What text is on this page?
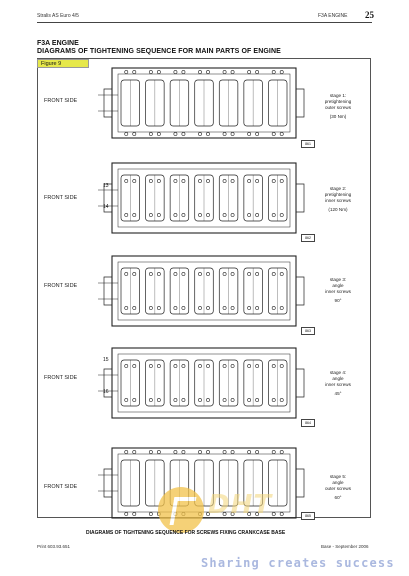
Stralis AS Euro 4/5	F3A ENGINE 25
F3A ENGINE
DIAGRAMS OF TIGHTENING SEQUENCE FOR MAIN PARTS OF ENGINE
Figure 9
FRONT SIDE
FRONT SIDE
FRONT SIDE
FRONT SIDE
FRONT SIDE
stage 1:
pretightening
outer screws
(30 Nm)
stage 2:
pretightening
inner screws
(120 Nm)
stage 3:
angle
inner screws
90°
stage 4:
angle
inner screws
45°
stage 5:
angle
outer screws
60°
13
14
15
16
861
862
863
864
865
DHT
DIAGRAMS OF TIGHTENING SEQUENCE FOR SCREWS FIXING CRANKCASE BASE
Print 603.93.651	Base - September 2006
Sharing creates success
